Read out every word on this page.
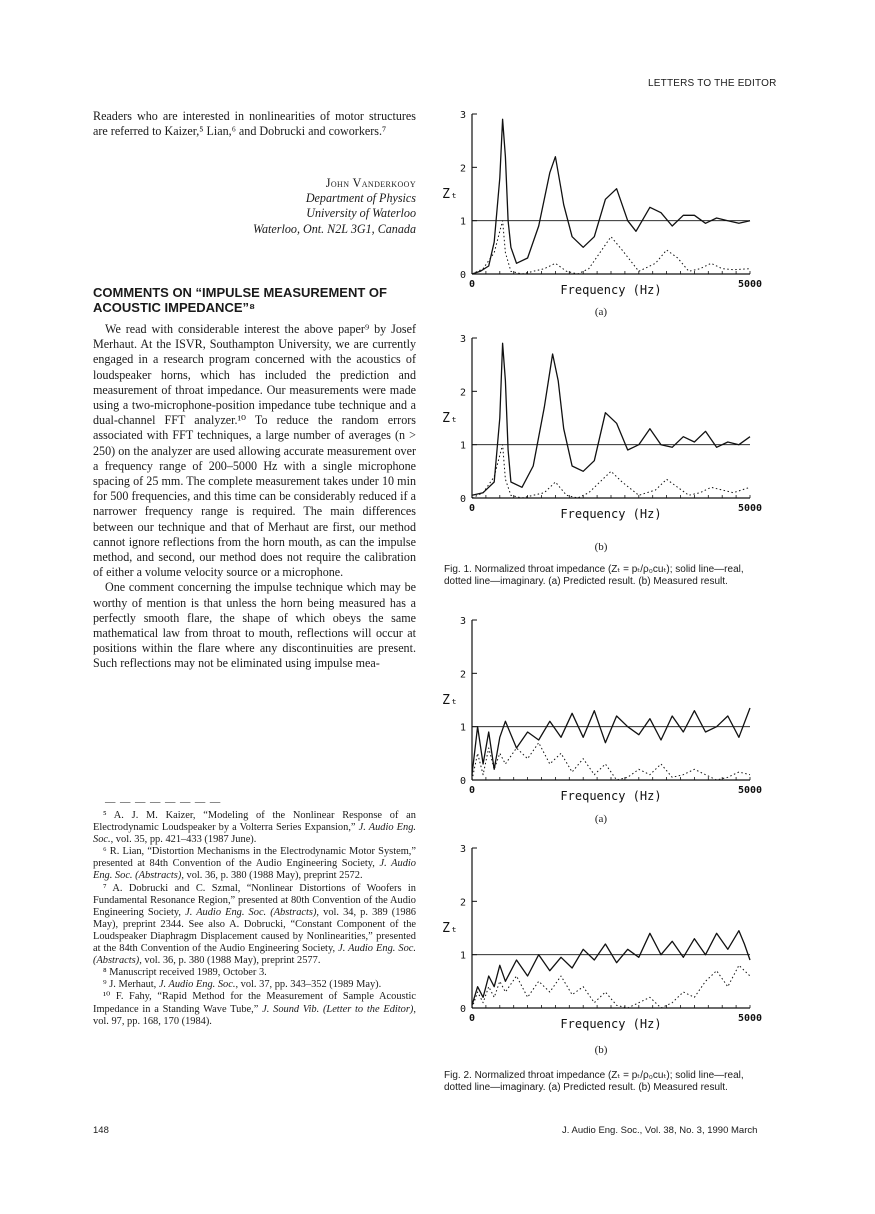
LETTERS TO THE EDITOR
Readers who are interested in nonlinearities of motor structures are referred to Kaizer,⁵ Lian,⁶ and Dobrucki and coworkers.⁷
John Vanderkooy
Department of Physics
University of Waterloo
Waterloo, Ont. N2L 3G1, Canada
COMMENTS ON “IMPULSE MEASUREMENT OF ACOUSTIC IMPEDANCE”⁸

We read with considerable interest the above paper⁹ by Josef Merhaut. At the ISVR, Southampton University, we are currently engaged in a research program concerned with the acoustics of loudspeaker horns, which has included the prediction and measurement of throat impedance. Our measurements were made using a two-microphone-position impedance tube technique and a dual-channel FFT analyzer.¹⁰ To reduce the random errors associated with FFT techniques, a large number of averages (n > 250) on the analyzer are used allowing accurate measurement over a frequency range of 200–5000 Hz with a single microphone spacing of 25 mm. The complete measurement takes under 10 min for 500 frequencies, and this time can be considerably reduced if a narrower frequency range is required. The main differences between our technique and that of Merhaut are first, our method cannot ignore reflections from the horn mouth, as can the impulse method, and second, our method does not require the calibration of either a volume velocity source or a microphone.

One comment concerning the impulse technique which may be worthy of mention is that unless the horn being measured has a perfectly smooth flare, the shape of which obeys the same mathematical law from throat to mouth, reflections will occur at positions within the flare where any discontinuities are present. Such reflections may not be eliminated using impulse mea-

— — — — — — — —

⁵ A. J. M. Kaizer, “Modeling of the Nonlinear Response of an Electrodynamic Loudspeaker by a Volterra Series Expansion,” J. Audio Eng. Soc., vol. 35, pp. 421–433 (1987 June).

⁶ R. Lian, “Distortion Mechanisms in the Electrodynamic Motor System,” presented at 84th Convention of the Audio Engineering Society, J. Audio Eng. Soc. (Abstracts), vol. 36, p. 380 (1988 May), preprint 2572.

⁷ A. Dobrucki and C. Szmal, “Nonlinear Distortions of Woofers in Fundamental Resonance Region,” presented at 80th Convention of the Audio Engineering Society, J. Audio Eng. Soc. (Abstracts), vol. 34, p. 389 (1986 May), preprint 2344. See also A. Dobrucki, “Constant Component of the Loudspeaker Diaphragm Displacement caused by Nonlinearities,” presented at the 84th Convention of the Audio Engineering Society, J. Audio Eng. Soc. (Abstracts), vol. 36, p. 380 (1988 May), preprint 2577.

⁸ Manuscript received 1989, October 3.

⁹ J. Merhaut, J. Audio Eng. Soc., vol. 37, pp. 343–352 (1989 May).

¹⁰ F. Fahy, “Rapid Method for the Measurement of Sample Acoustic Impedance in a Standing Wave Tube,” J. Sound Vib. (Letter to the Editor), vol. 97, pp. 168, 170 (1984).

0
1
2
3
0	5000
Frequency (Hz)
Zₜ
(a)
0
1
2
3
0	5000
Frequency (Hz)
Zₜ
(b)
Fig. 1. Normalized throat impedance (Zₜ = pₜ/ρ₀cuₜ); solid line—real, dotted line—imaginary. (a) Predicted result. (b) Measured result.
0
1
2
3
0	5000
Frequency (Hz)
Zₜ
(a)
0
1
2
3
0	5000
Frequency (Hz)
Zₜ
(b)
Fig. 2. Normalized throat impedance (Zₜ = pₜ/ρ₀cuₜ); solid line—real, dotted line—imaginary. (a) Predicted result. (b) Measured result.
148	J. Audio Eng. Soc., Vol. 38, No. 3, 1990 March
